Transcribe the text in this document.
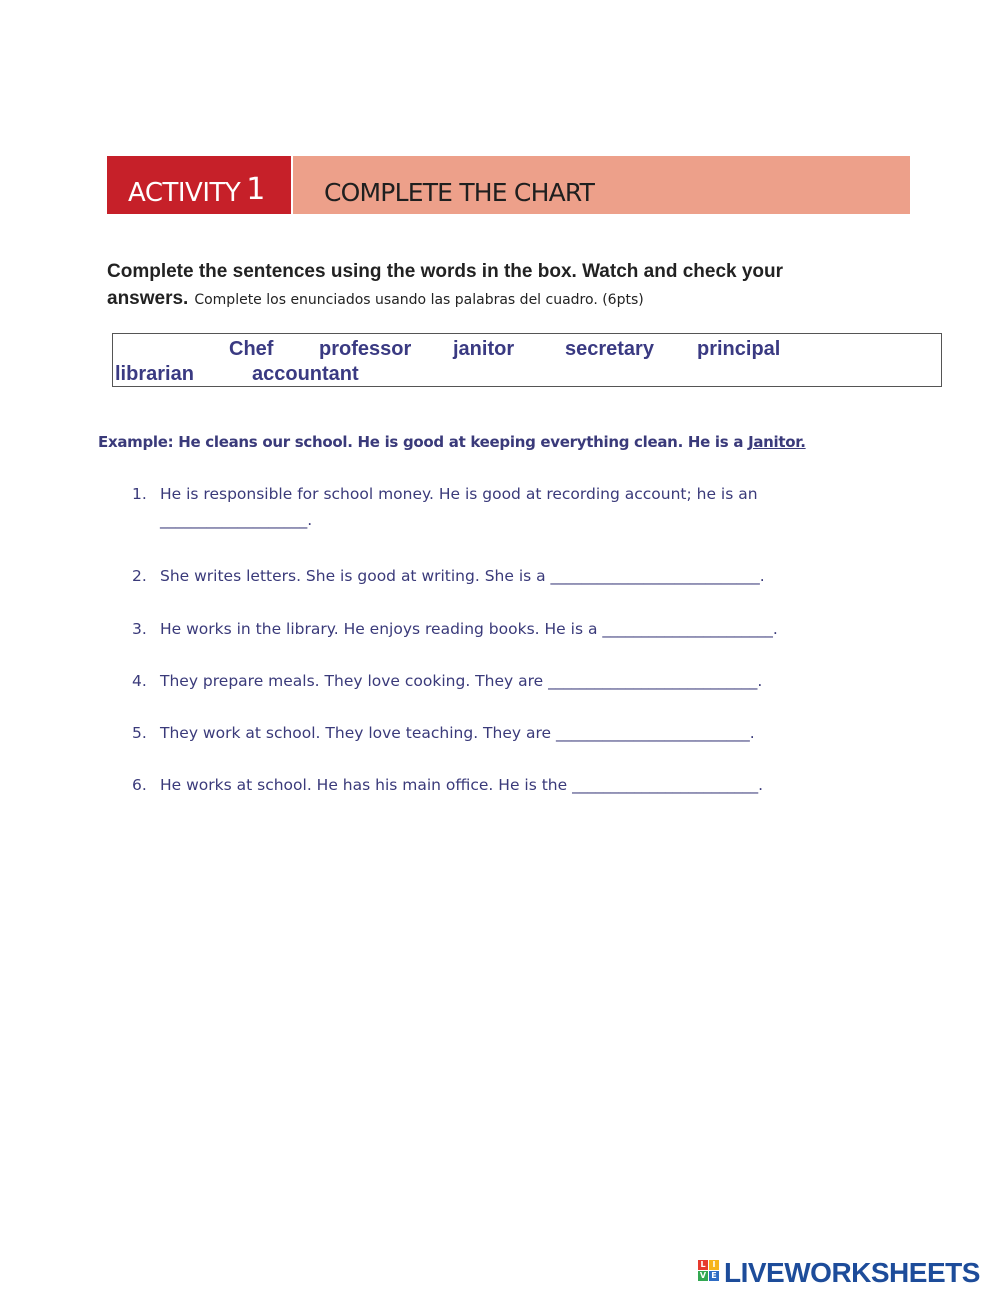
ACTIVITY 1 COMPLETE THE CHART
Complete the sentences using the words in the box. Watch and check your answers. Complete los enunciados usando las palabras del cuadro. (6pts)
Chef professor janitor	secretary principal
librarian	accountant
Example: He cleans our school. He is good at keeping everything clean. He is a Janitor.
1. He is responsible for school money. He is good at recording account; he is an
___________________.
2. She writes letters. She is good at writing. She is a ___________________________.
3. He works in the library. He enjoys reading books. He is a ______________________.
4. They prepare meals. They love cooking. They are ___________________________.
5. They work at school. They love teaching. They are _________________________.
6. He works at school. He has his main office. He is the ________________________.
L I
V E LIVEWORKSHEETS
